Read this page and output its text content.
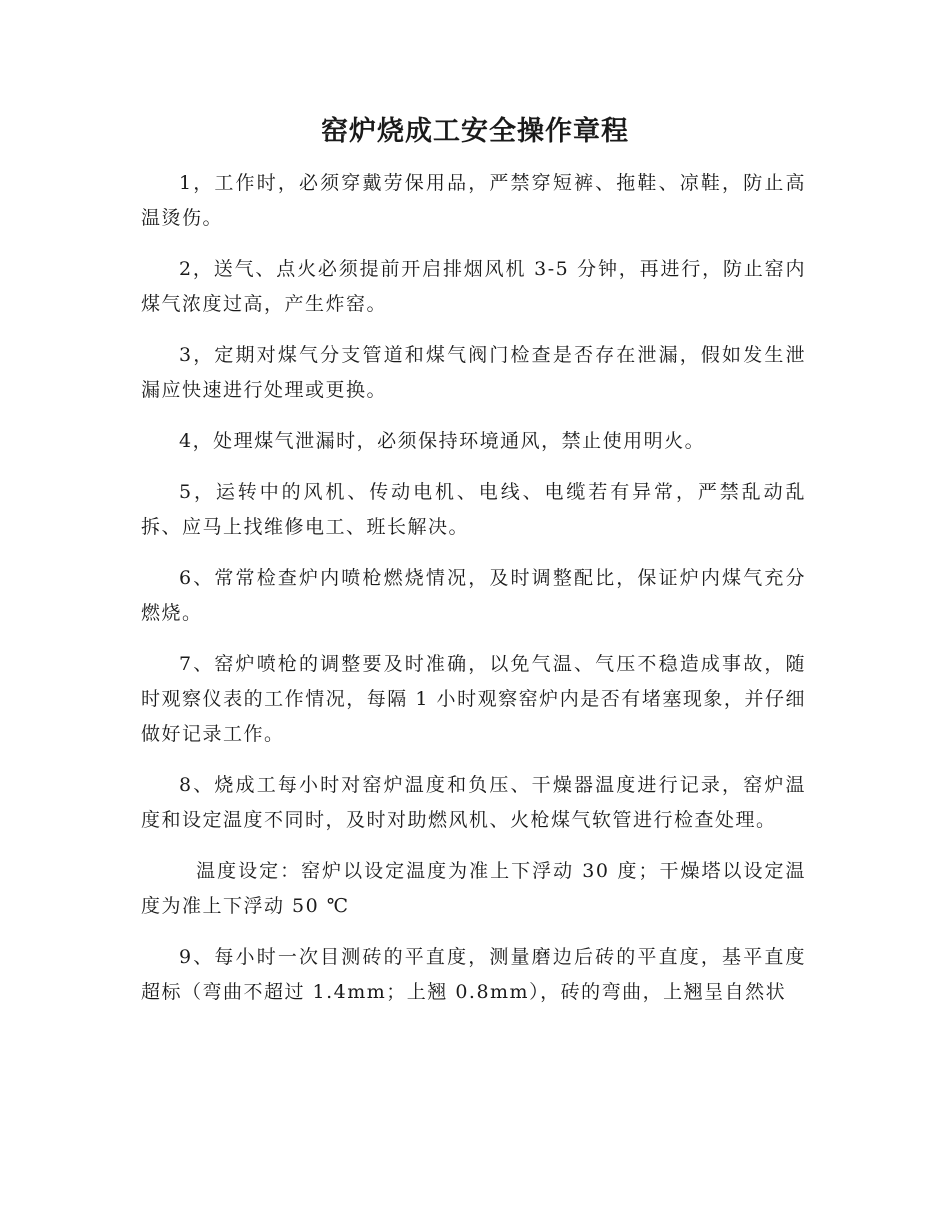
窑炉烧成工安全操作章程

1，工作时，必须穿戴劳保用品，严禁穿短裤、拖鞋、凉鞋，防止高温烫伤。

2，送气、点火必须提前开启排烟风机 3-5 分钟，再进行，防止窑内煤气浓度过高，产生炸窑。

3，定期对煤气分支管道和煤气阀门检查是否存在泄漏，假如发生泄漏应快速进行处理或更换。

4，处理煤气泄漏时，必须保持环境通风，禁止使用明火。

5，运转中的风机、传动电机、电线、电缆若有异常，严禁乱动乱拆、应马上找维修电工、班长解决。

6、常常检查炉内喷枪燃烧情况，及时调整配比，保证炉内煤气充分燃烧。

7、窑炉喷枪的调整要及时准确，以免气温、气压不稳造成事故，随时观察仪表的工作情况，每隔 1 小时观察窑炉内是否有堵塞现象，并仔细做好记录工作。

8、烧成工每小时对窑炉温度和负压、干燥器温度进行记录，窑炉温度和设定温度不同时，及时对助燃风机、火枪煤气软管进行检查处理。

温度设定：窑炉以设定温度为准上下浮动 30 度；干燥塔以设定温度为准上下浮动 50 ℃

9、每小时一次目测砖的平直度，测量磨边后砖的平直度，基平直度超标（弯曲不超过 1.4mm；上翘 0.8mm），砖的弯曲，上翘呈自然状
